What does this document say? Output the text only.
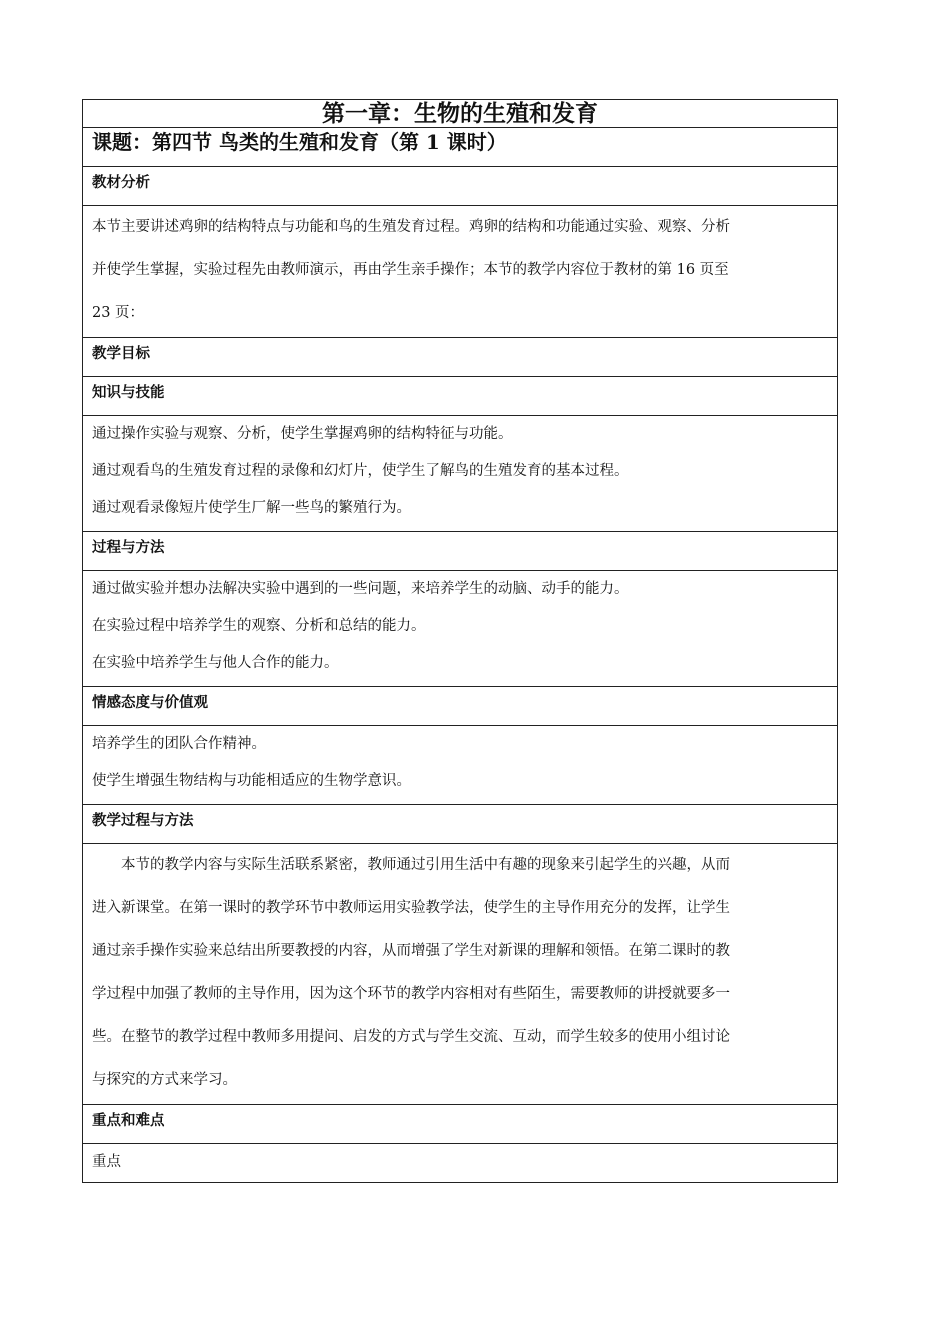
第一章：生物的生殖和发育
课题：第四节 鸟类的生殖和发育（第 1 课时）
教材分析

本节主要讲述鸡卵的结构特点与功能和鸟的生殖发育过程。鸡卵的结构和功能通过实验、观察、分析

并使学生掌握，实验过程先由教师演示，再由学生亲手操作；本节的教学内容位于教材的第 16 页至

23 页：

教学目标
知识与技能

通过操作实验与观察、分析，使学生掌握鸡卵的结构特征与功能。

通过观看鸟的生殖发育过程的录像和幻灯片，使学生了解鸟的生殖发育的基本过程。

通过观看录像短片使学生厂解一些鸟的繁殖行为。

过程与方法

通过做实验并想办法解决实验中遇到的一些问题，来培养学生的动脑、动手的能力。

在实验过程中培养学生的观察、分析和总结的能力。

在实验中培养学生与他人合作的能力。

情感态度与价值观

培养学生的团队合作精神。

使学生增强生物结构与功能相适应的生物学意识。

教学过程与方法

本节的教学内容与实际生活联系紧密，教师通过引用生活中有趣的现象来引起学生的兴趣，从而

进入新课堂。在第一课时的教学环节中教师运用实验教学法，使学生的主导作用充分的发挥，让学生

通过亲手操作实验来总结出所要教授的内容，从而增强了学生对新课的理解和领悟。在第二课时的教

学过程中加强了教师的主导作用，因为这个环节的教学内容相对有些陌生，需要教师的讲授就要多一

些。在整节的教学过程中教师多用提问、启发的方式与学生交流、互动，而学生较多的使用小组讨论

与探究的方式来学习。

重点和难点

重点
